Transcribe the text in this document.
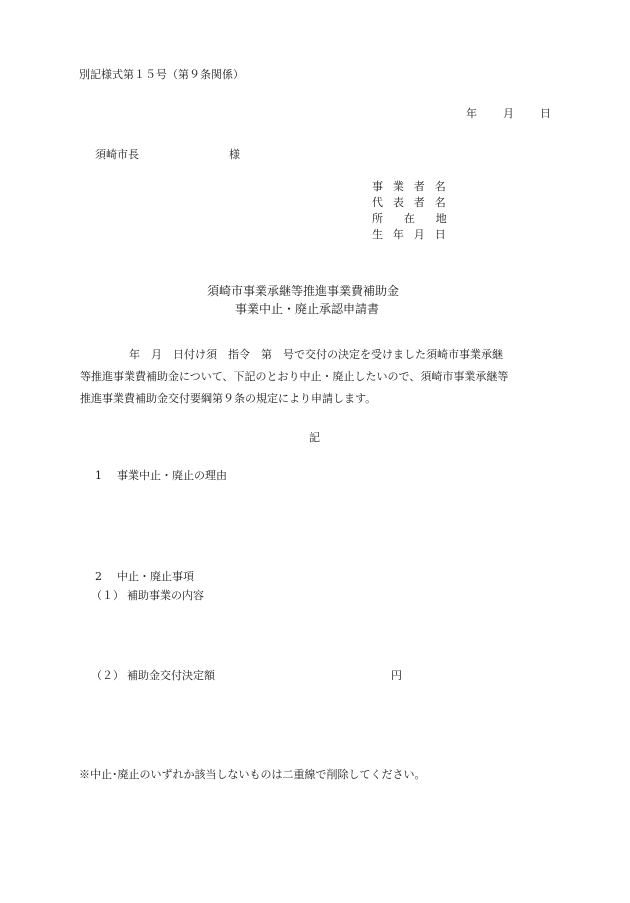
別記様式第１５号（第９条関係）
年 月 日
須崎市長	様
事業者名
代表者名
所在地
生年月日
須崎市事業承継等推進事業費補助金
事業中止・廃止承認申請書
年　月　日付け須　指令　第　号で交付の決定を受けました須崎市事業承継
等推進事業費補助金について、下記のとおり中止・廃止したいので、須崎市事業承継等
推進事業費補助金交付要綱第９条の規定により申請します。
記
1 事業中止・廃止の理由
2 中止・廃止事項
（１） 補助事業の内容
（２） 補助金交付決定額	円
※中止･廃止のいずれか該当しないものは二重線で削除してください。
